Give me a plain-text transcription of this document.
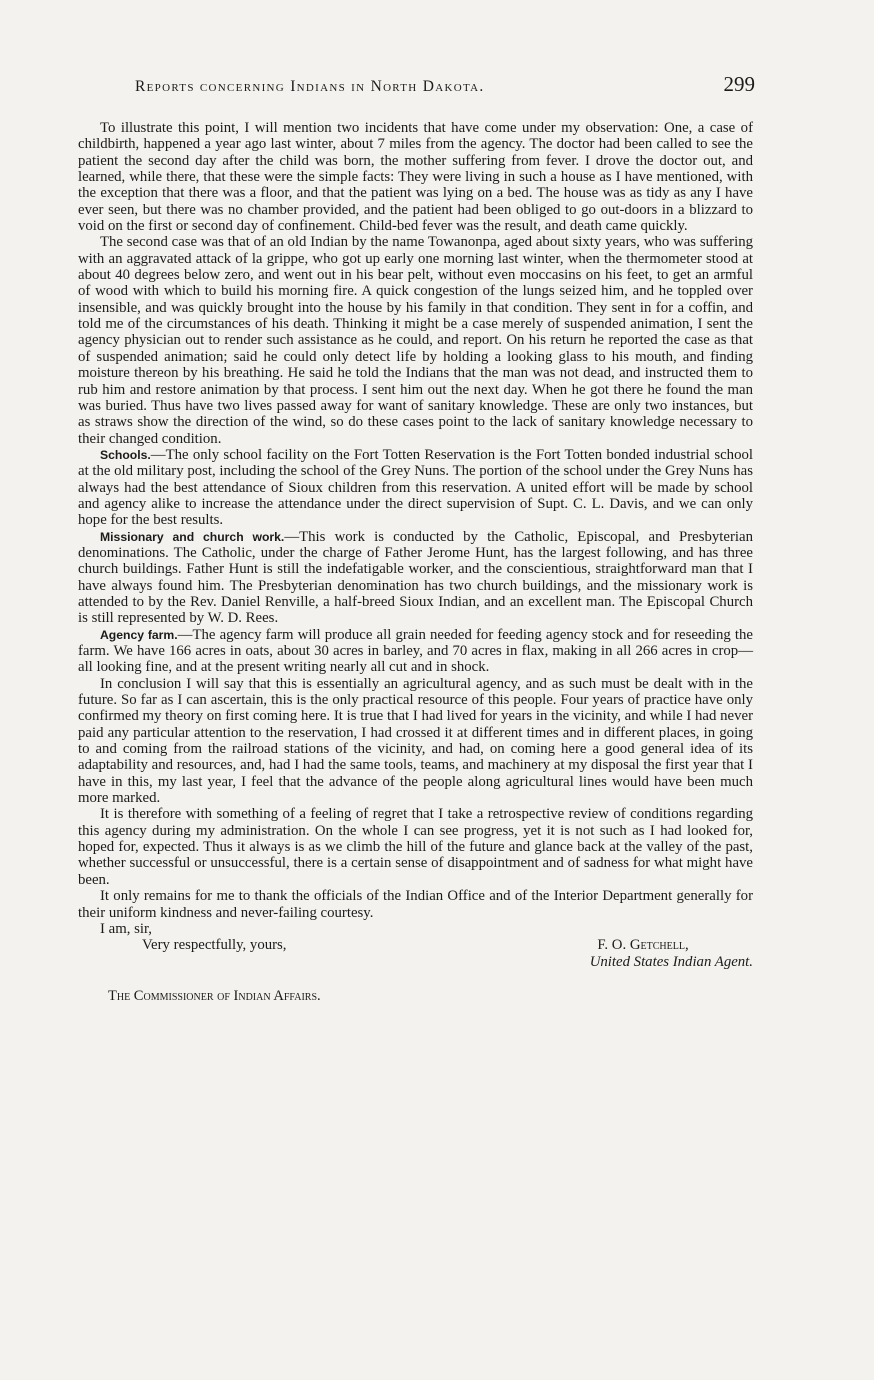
Reports concerning Indians in North Dakota.	299

To illustrate this point, I will mention two incidents that have come under my observation: One, a case of childbirth, happened a year ago last winter, about 7 miles from the agency. The doctor had been called to see the patient the second day after the child was born, the mother suffering from fever. I drove the doctor out, and learned, while there, that these were the simple facts: They were living in such a house as I have mentioned, with the exception that there was a floor, and that the patient was lying on a bed. The house was as tidy as any I have ever seen, but there was no chamber provided, and the patient had been obliged to go out-doors in a blizzard to void on the first or second day of confinement. Child-bed fever was the result, and death came quickly.

The second case was that of an old Indian by the name Towanonpa, aged about sixty years, who was suffering with an aggravated attack of la grippe, who got up early one morning last winter, when the thermometer stood at about 40 degrees below zero, and went out in his bear pelt, without even moccasins on his feet, to get an armful of wood with which to build his morning fire. A quick congestion of the lungs seized him, and he toppled over insensible, and was quickly brought into the house by his family in that condition. They sent in for a coffin, and told me of the circumstances of his death. Thinking it might be a case merely of suspended animation, I sent the agency physician out to render such assistance as he could, and report. On his return he reported the case as that of suspended animation; said he could only detect life by holding a looking glass to his mouth, and finding moisture thereon by his breathing. He said he told the Indians that the man was not dead, and instructed them to rub him and restore animation by that process. I sent him out the next day. When he got there he found the man was buried. Thus have two lives passed away for want of sanitary knowledge. These are only two instances, but as straws show the direction of the wind, so do these cases point to the lack of sanitary knowledge necessary to their changed condition.

Schools.—The only school facility on the Fort Totten Reservation is the Fort Totten bonded industrial school at the old military post, including the school of the Grey Nuns. The portion of the school under the Grey Nuns has always had the best attendance of Sioux children from this reservation. A united effort will be made by school and agency alike to increase the attendance under the direct supervision of Supt. C. L. Davis, and we can only hope for the best results.

Missionary and church work.—This work is conducted by the Catholic, Episcopal, and Presbyterian denominations. The Catholic, under the charge of Father Jerome Hunt, has the largest following, and has three church buildings. Father Hunt is still the indefatigable worker, and the conscientious, straightforward man that I have always found him. The Presbyterian denomination has two church buildings, and the missionary work is attended to by the Rev. Daniel Renville, a half-breed Sioux Indian, and an excellent man. The Episcopal Church is still represented by W. D. Rees.

Agency farm.—The agency farm will produce all grain needed for feeding agency stock and for reseeding the farm. We have 166 acres in oats, about 30 acres in barley, and 70 acres in flax, making in all 266 acres in crop—all looking fine, and at the present writing nearly all cut and in shock.

In conclusion I will say that this is essentially an agricultural agency, and as such must be dealt with in the future. So far as I can ascertain, this is the only practical resource of this people. Four years of practice have only confirmed my theory on first coming here. It is true that I had lived for years in the vicinity, and while I had never paid any particular attention to the reservation, I had crossed it at different times and in different places, in going to and coming from the railroad stations of the vicinity, and had, on coming here a good general idea of its adaptability and resources, and, had I had the same tools, teams, and machinery at my disposal the first year that I have in this, my last year, I feel that the advance of the people along agricultural lines would have been much more marked.

It is therefore with something of a feeling of regret that I take a retrospective review of conditions regarding this agency during my administration. On the whole I can see progress, yet it is not such as I had looked for, hoped for, expected. Thus it always is as we climb the hill of the future and glance back at the valley of the past, whether successful or unsuccessful, there is a certain sense of disappointment and of sadness for what might have been.

It only remains for me to thank the officials of the Indian Office and of the Interior Department generally for their uniform kindness and never-failing courtesy.

I am, sir,

Very respectfully, yours,	F. O. Getchell,
United States Indian Agent.
The Commissioner of Indian Affairs.
